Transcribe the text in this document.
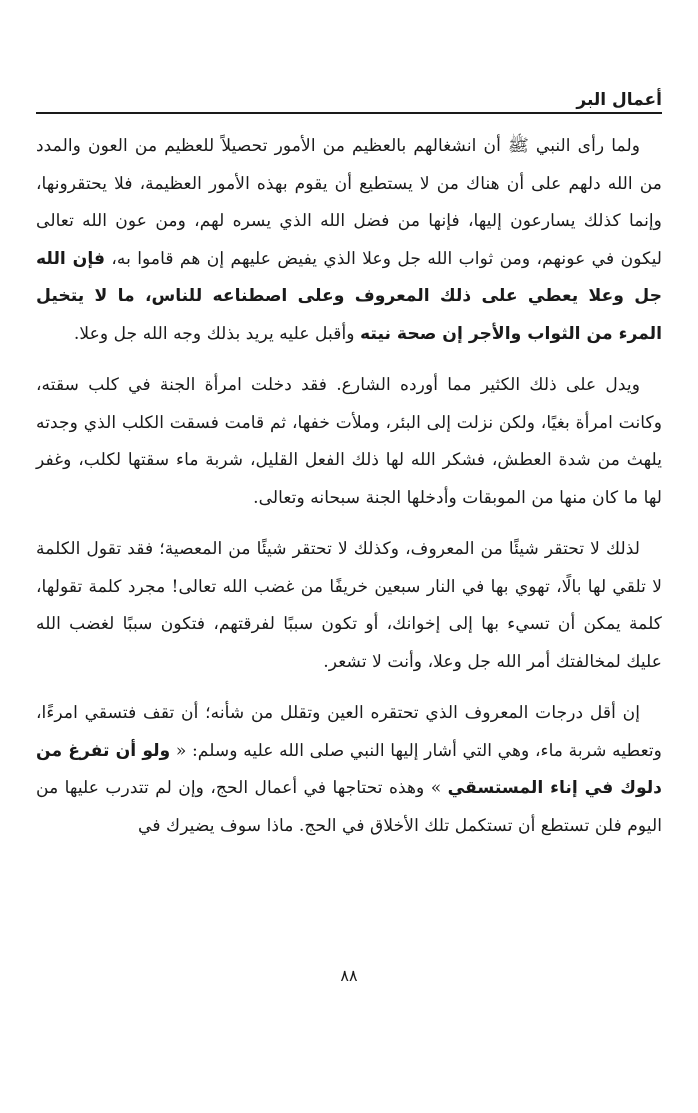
أعمال البر

ولما رأى النبي ﷺ أن انشغالهم بالعظيم من الأمور تحصيلاً للعظيم من العون والمدد من الله دلهم على أن هناك من لا يستطيع أن يقوم بهذه الأمور العظيمة، فلا يحتقرونها، وإنما كذلك يسارعون إليها، فإنها من فضل الله الذي يسره لهم، ومن عون الله تعالى ليكون في عونهم، ومن ثواب الله جل وعلا الذي يفيض عليهم إن هم قاموا به، فإن الله جل وعلا يعطي على ذلك المعروف وعلى اصطناعه للناس، ما لا يتخيل المرء من الثواب والأجر إن صحة نيته وأقبل عليه يريد بذلك وجه الله جل وعلا.

ويدل على ذلك الكثير مما أورده الشارع. فقد دخلت امرأة الجنة في كلب سقته، وكانت امرأة بغيًا، ولكن نزلت إلى البئر، وملأت خفها، ثم قامت فسقت الكلب الذي وجدته يلهث من شدة العطش، فشكر الله لها ذلك الفعل القليل، شربة ماء سقتها لكلب، وغفر لها ما كان منها من الموبقات وأدخلها الجنة سبحانه وتعالى.

لذلك لا تحتقر شيئًا من المعروف، وكذلك لا تحتقر شيئًا من المعصية؛ فقد تقول الكلمة لا تلقي لها بالًا، تهوي بها في النار سبعين خريفًا من غضب الله تعالى! مجرد كلمة تقولها، كلمة يمكن أن تسيء بها إلى إخوانك، أو تكون سببًا لفرقتهم، فتكون سببًا لغضب الله عليك لمخالفتك أمر الله جل وعلا، وأنت لا تشعر.

إن أقل درجات المعروف الذي تحتقره العين وتقلل من شأنه؛ أن تقف فتسقي امرءًا، وتعطيه شربة ماء، وهي التي أشار إليها النبي صلى الله عليه وسلم: « ولو أن تفرغ من دلوك في إناء المستسقي » وهذه تحتاجها في أعمال الحج، وإن لم تتدرب عليها من اليوم فلن تستطع أن تستكمل تلك الأخلاق في الحج. ماذا سوف يضيرك في

٨٨
